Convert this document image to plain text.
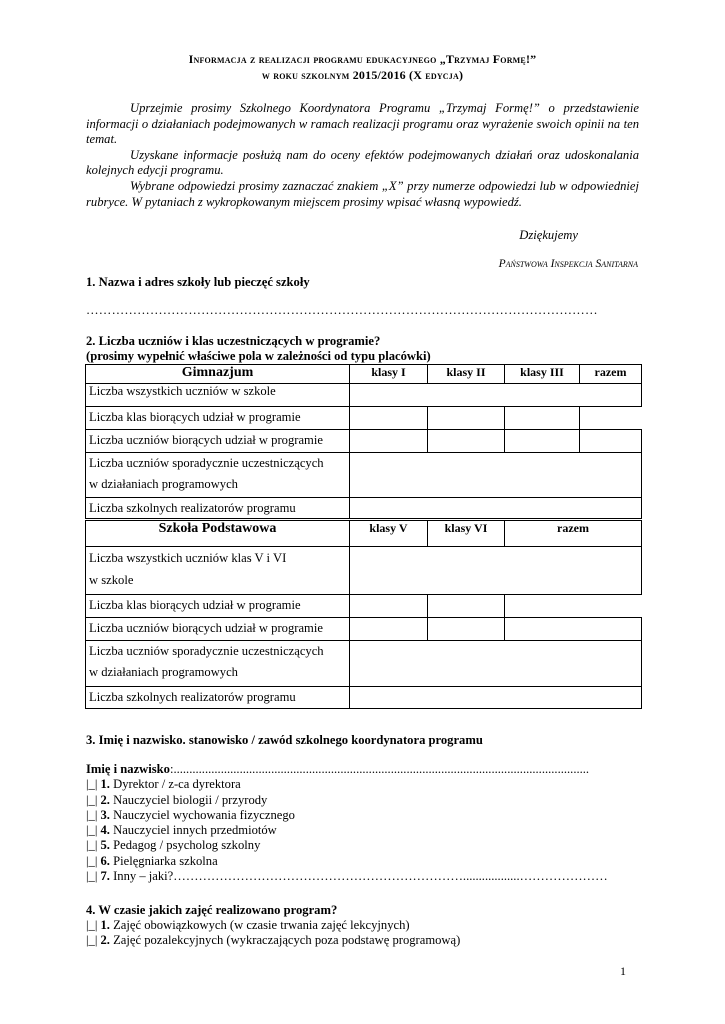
Informacja z realizacji programu edukacyjnego „Trzymaj Formę!”
w roku szkolnym 2015/2016 (X edycja)

Uprzejmie prosimy Szkolnego Koordynatora Programu „Trzymaj Formę!” o przedstawienie informacji o działaniach podejmowanych w ramach realizacji programu oraz wyrażenie swoich opinii na ten temat.

Uzyskane informacje posłużą nam do oceny efektów podejmowanych działań oraz udoskonalania kolejnych edycji programu.

Wybrane odpowiedzi prosimy zaznaczać znakiem „X” przy numerze odpowiedzi lub w odpowiedniej rubryce. W pytaniach z wykropkowanym miejscem prosimy wpisać własną wypowiedź.

Dziękujemy
Państwowa Inspekcja Sanitarna
1. Nazwa i adres szkoły lub pieczęć szkoły
…………………………………………………………………………………………………………
2. Liczba uczniów i klas uczestniczących w programie?
(prosimy wypełnić właściwe pola w zależności od typu placówki)
Gimnazjum	klasy I	klasy II	klasy III	razem
Liczba wszystkich uczniów w szkole				
Liczba klas biorących udział w programie				
Liczba uczniów biorących udział w programie				

Liczba uczniów sporadycznie uczestniczących
w działaniach programowych				

Liczba szkolnych realizatorów programu				
Szkoła Podstawowa	klasy V	klasy VI	razem

Liczba wszystkich uczniów klas V i VI
w szkole			

Liczba klas biorących udział w programie			
Liczba uczniów biorących udział w programie			

Liczba uczniów sporadycznie uczestniczących
w działaniach programowych			

Liczba szkolnych realizatorów programu			
3. Imię i nazwisko. stanowisko / zawód szkolnego koordynatora programu
Imię i nazwisko:....................................................................................................................................
|_| 1. Dyrektor / z-ca dyrektora
|_| 2. Nauczyciel biologii / przyrody
|_| 3. Nauczyciel wychowania fizycznego
|_| 4. Nauczyciel innych przedmiotów
|_| 5. Pedagog / psycholog szkolny
|_| 6. Pielęgniarka szkolna
|_| 7. Inny – jaki?……………………………………………………………..................…………………
4. W czasie jakich zajęć realizowano program?
|_| 1. Zajęć obowiązkowych (w czasie trwania zajęć lekcyjnych)
|_| 2. Zajęć pozalekcyjnych (wykraczających poza podstawę programową)
1
